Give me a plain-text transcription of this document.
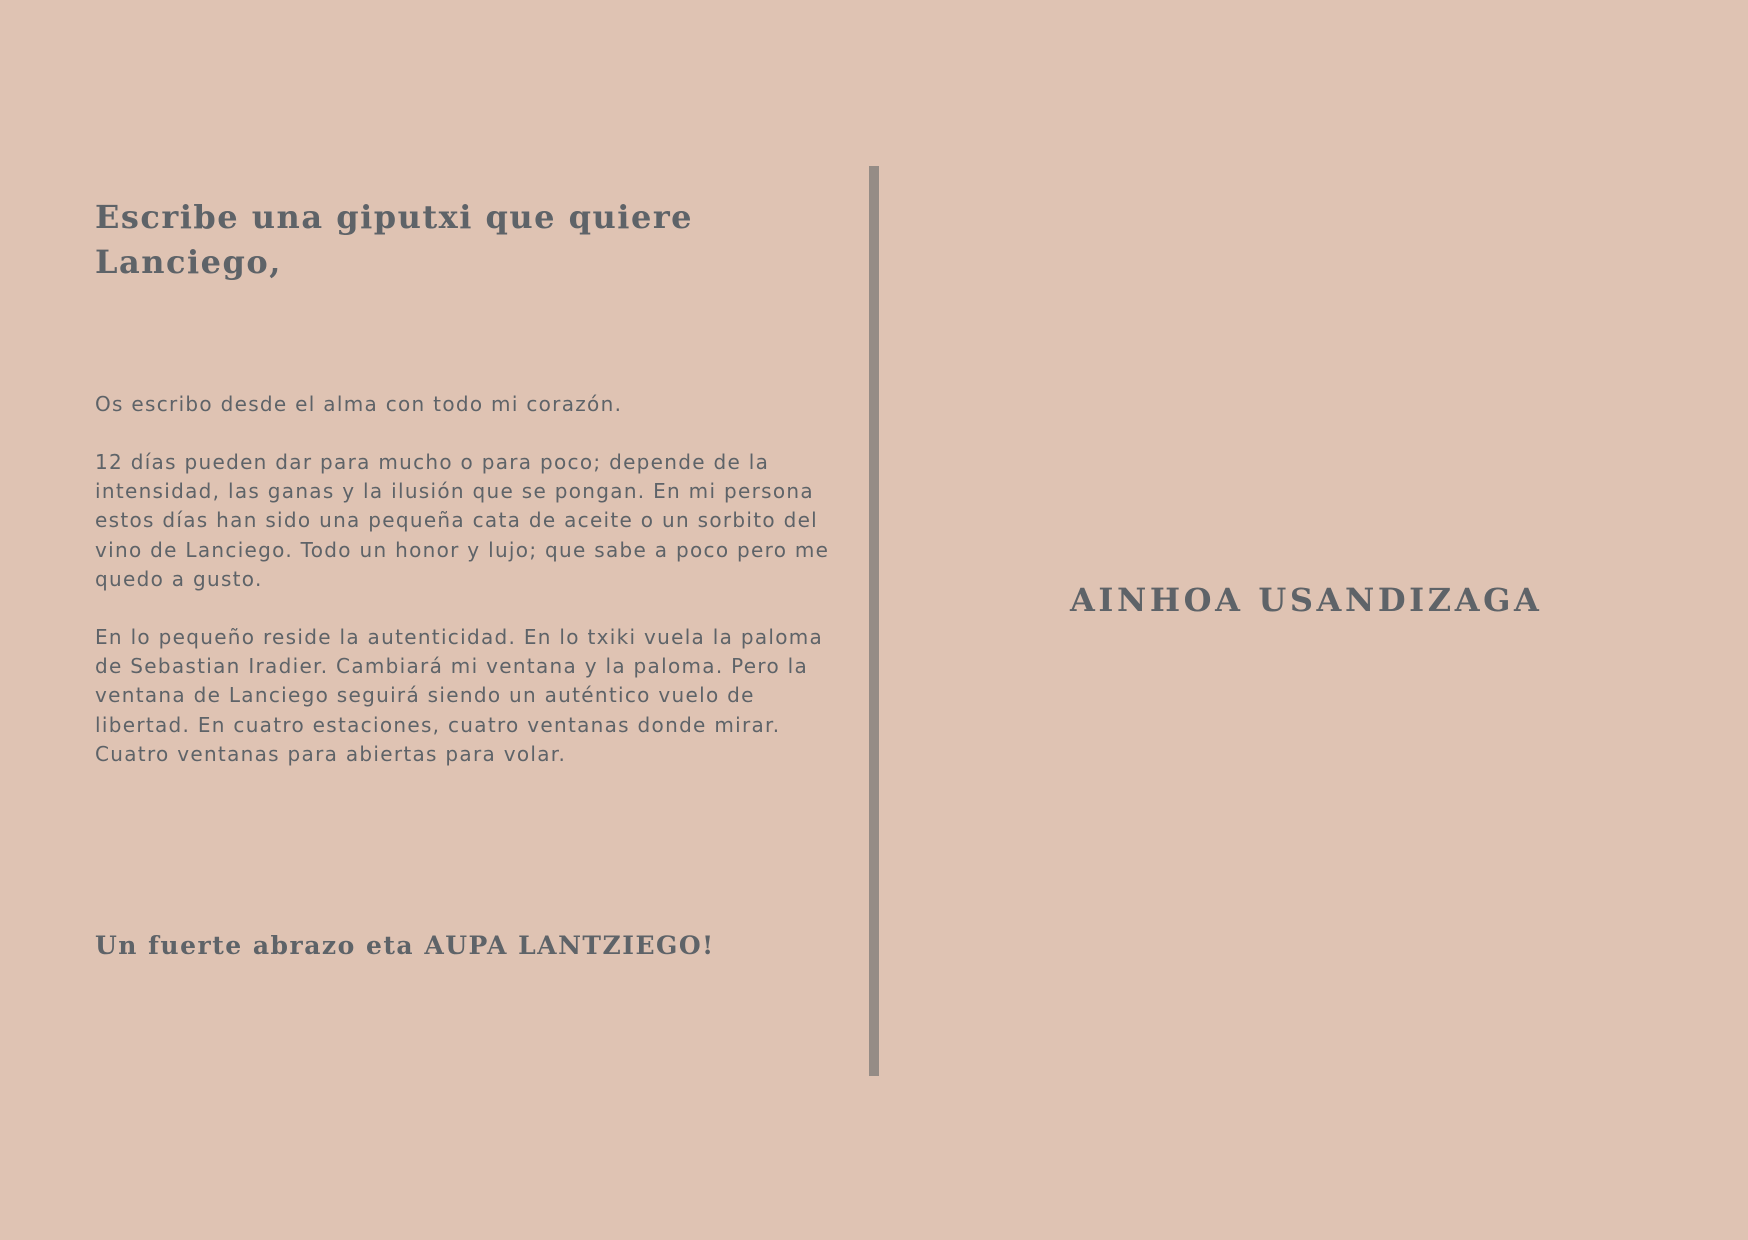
Escribe una giputxi que quiere Lanciego,

Os escribo desde el alma con todo mi corazón.

12 días pueden dar para mucho o para poco; depende de la intensidad, las ganas y la ilusión que se pongan. En mi persona estos días han sido una pequeña cata de aceite o un sorbito del vino de Lanciego. Todo un honor y lujo; que sabe a poco pero me quedo a gusto.

En lo pequeño reside la autenticidad. En lo txiki vuela la paloma de Sebastian Iradier. Cambiará mi ventana y la paloma. Pero la ventana de Lanciego seguirá siendo un auténtico vuelo de libertad. En cuatro estaciones, cuatro ventanas donde mirar. Cuatro ventanas para abiertas para volar.

Un fuerte abrazo eta AUPA LANTZIEGO!

AINHOA USANDIZAGA
